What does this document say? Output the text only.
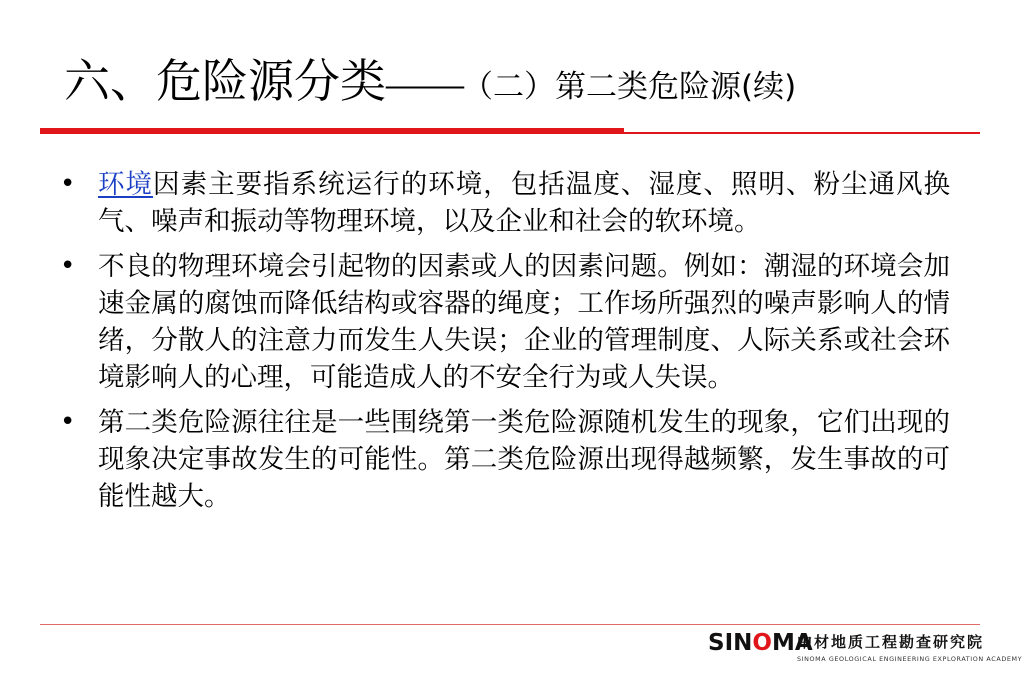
六、危险源分类——（二）第二类危险源(续)
• 环境因素主要指系统运行的环境，包括温度、湿度、照明、粉尘通风换气、噪声和振动等物理环境，以及企业和社会的软环境。
• 不良的物理环境会引起物的因素或人的因素问题。例如：潮湿的环境会加速金属的腐蚀而降低结构或容器的绳度；工作场所强烈的噪声影响人的情绪，分散人的注意力而发生人失误；企业的管理制度、人际关系或社会环境影响人的心理，可能造成人的不安全行为或人失误。
• 第二类危险源往往是一些围绕第一类危险源随机发生的现象，它们出现的现象决定事故发生的可能性。第二类危险源出现得越频繁，发生事故的可能性越大。
SINOMA
中材地质工程勘查研究院
SINOMA GEOLOGICAL ENGINEERING EXPLORATION ACADEMY
